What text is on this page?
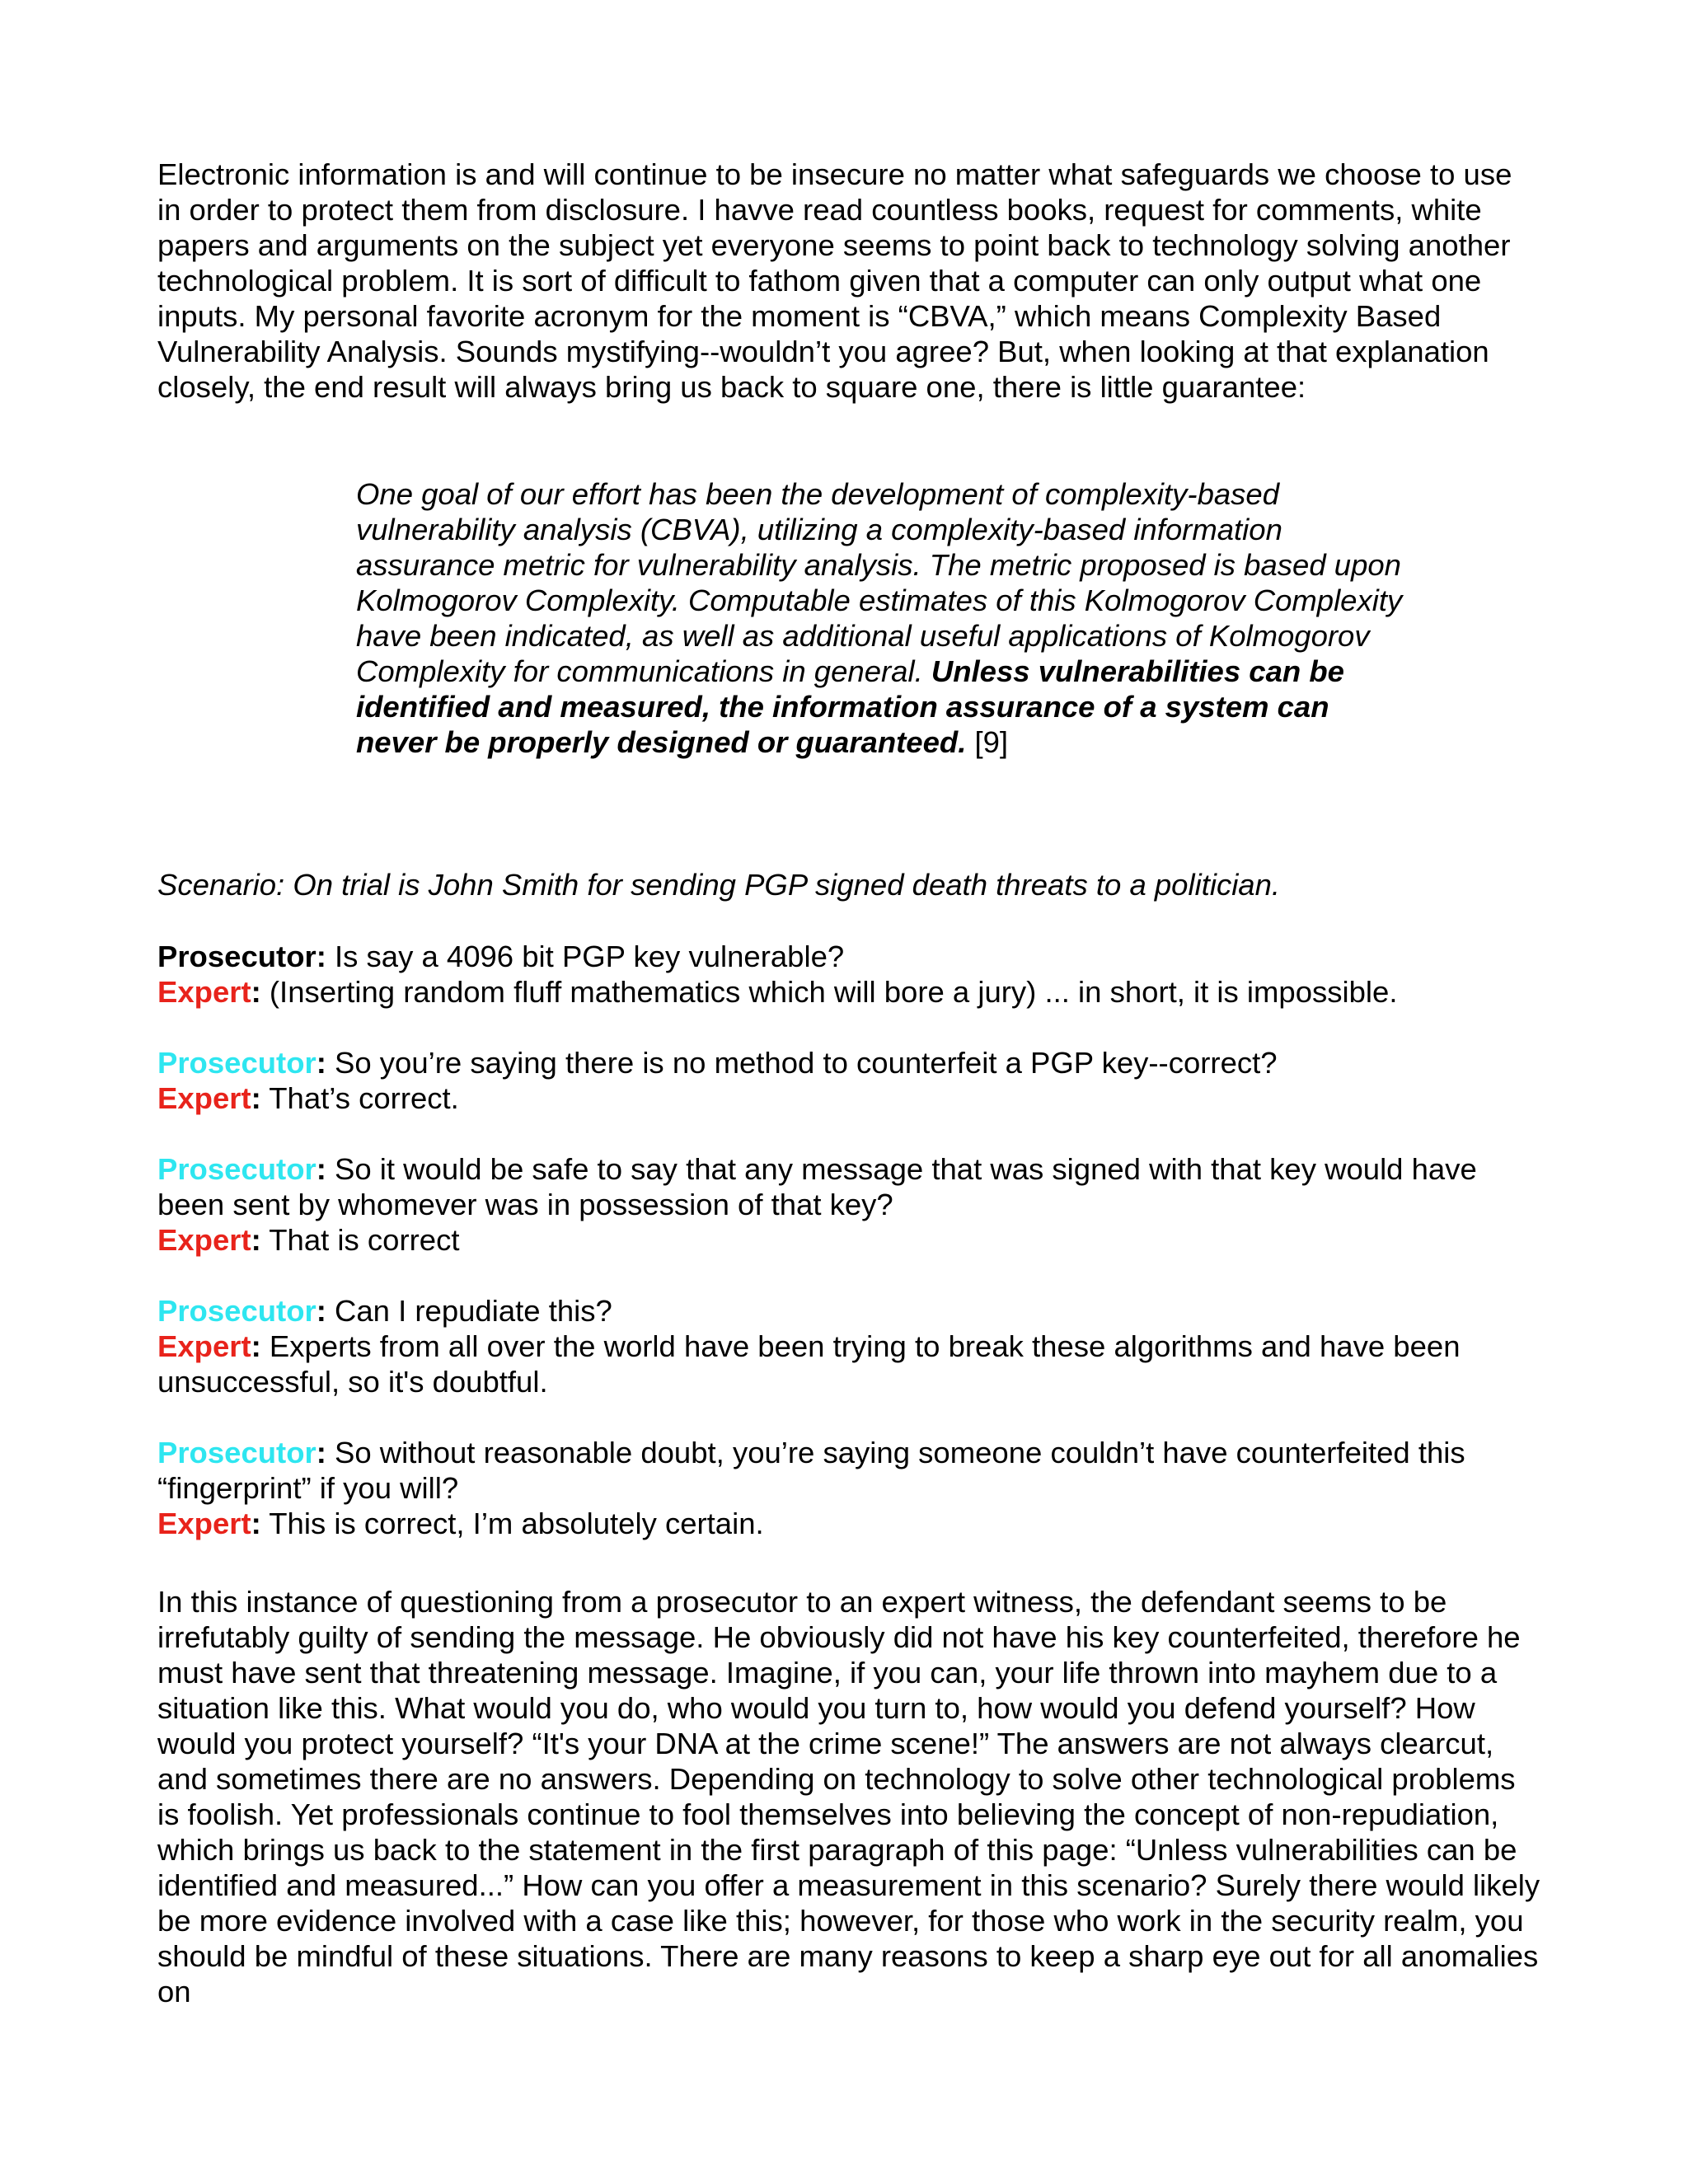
Electronic information is and will continue to be insecure no matter what safeguards we choose to use in order to protect them from disclosure. I havve read countless books, request for comments, white papers and arguments on the subject yet everyone seems to point back to technology solving another technological problem. It is sort of difficult to fathom given that a computer can only output what one inputs. My personal favorite acronym for the moment is “CBVA,” which means Complexity Based Vulnerability Analysis. Sounds mystifying--wouldn’t you agree? But, when looking at that explanation closely, the end result will always bring us back to square one, there is little guarantee:

One goal of our effort has been the development of complexity-based vulnerability analysis (CBVA), utilizing a complexity-based information assurance metric for vulnerability analysis. The metric proposed is based upon Kolmogorov Complexity. Computable estimates of this Kolmogorov Complexity have been indicated, as well as additional useful applications of Kolmogorov Complexity for communications in general. Unless vulnerabilities can be identified and measured, the information assurance of a system can never be properly designed or guaranteed. [9]

Scenario: On trial is John Smith for sending PGP signed death threats to a politician.

Prosecutor: Is say a 4096 bit PGP key vulnerable?
Expert: (Inserting random fluff mathematics which will bore a jury) ... in short, it is impossible.

Prosecutor: So you’re saying there is no method to counterfeit a PGP key--correct?
Expert: That’s correct.

Prosecutor: So it would be safe to say that any message that was signed with that key would have been sent by whomever was in possession of that key?
Expert: That is correct

Prosecutor: Can I repudiate this?
Expert: Experts from all over the world have been trying to break these algorithms and have been unsuccessful, so it's doubtful.

Prosecutor: So without reasonable doubt, you’re saying someone couldn’t have counterfeited this “fingerprint” if you will?
Expert: This is correct, I’m absolutely certain.

In this instance of questioning from a prosecutor to an expert witness, the defendant seems to be irrefutably guilty of sending the message. He obviously did not have his key counterfeited, therefore he must have sent that threatening message. Imagine, if you can, your life thrown into mayhem due to a situation like this. What would you do, who would you turn to, how would you defend yourself? How would you protect yourself? “It's your DNA at the crime scene!” The answers are not always clearcut, and sometimes there are no answers. Depending on technology to solve other technological problems is foolish. Yet professionals continue to fool themselves into believing the concept of non-repudiation, which brings us back to the statement in the first paragraph of this page: “Unless vulnerabilities can be identified and measured...” How can you offer a measurement in this scenario? Surely there would likely be more evidence involved with a case like this; however, for those who work in the security realm, you should be mindful of these situations. There are many reasons to keep a sharp eye out for all anomalies on
